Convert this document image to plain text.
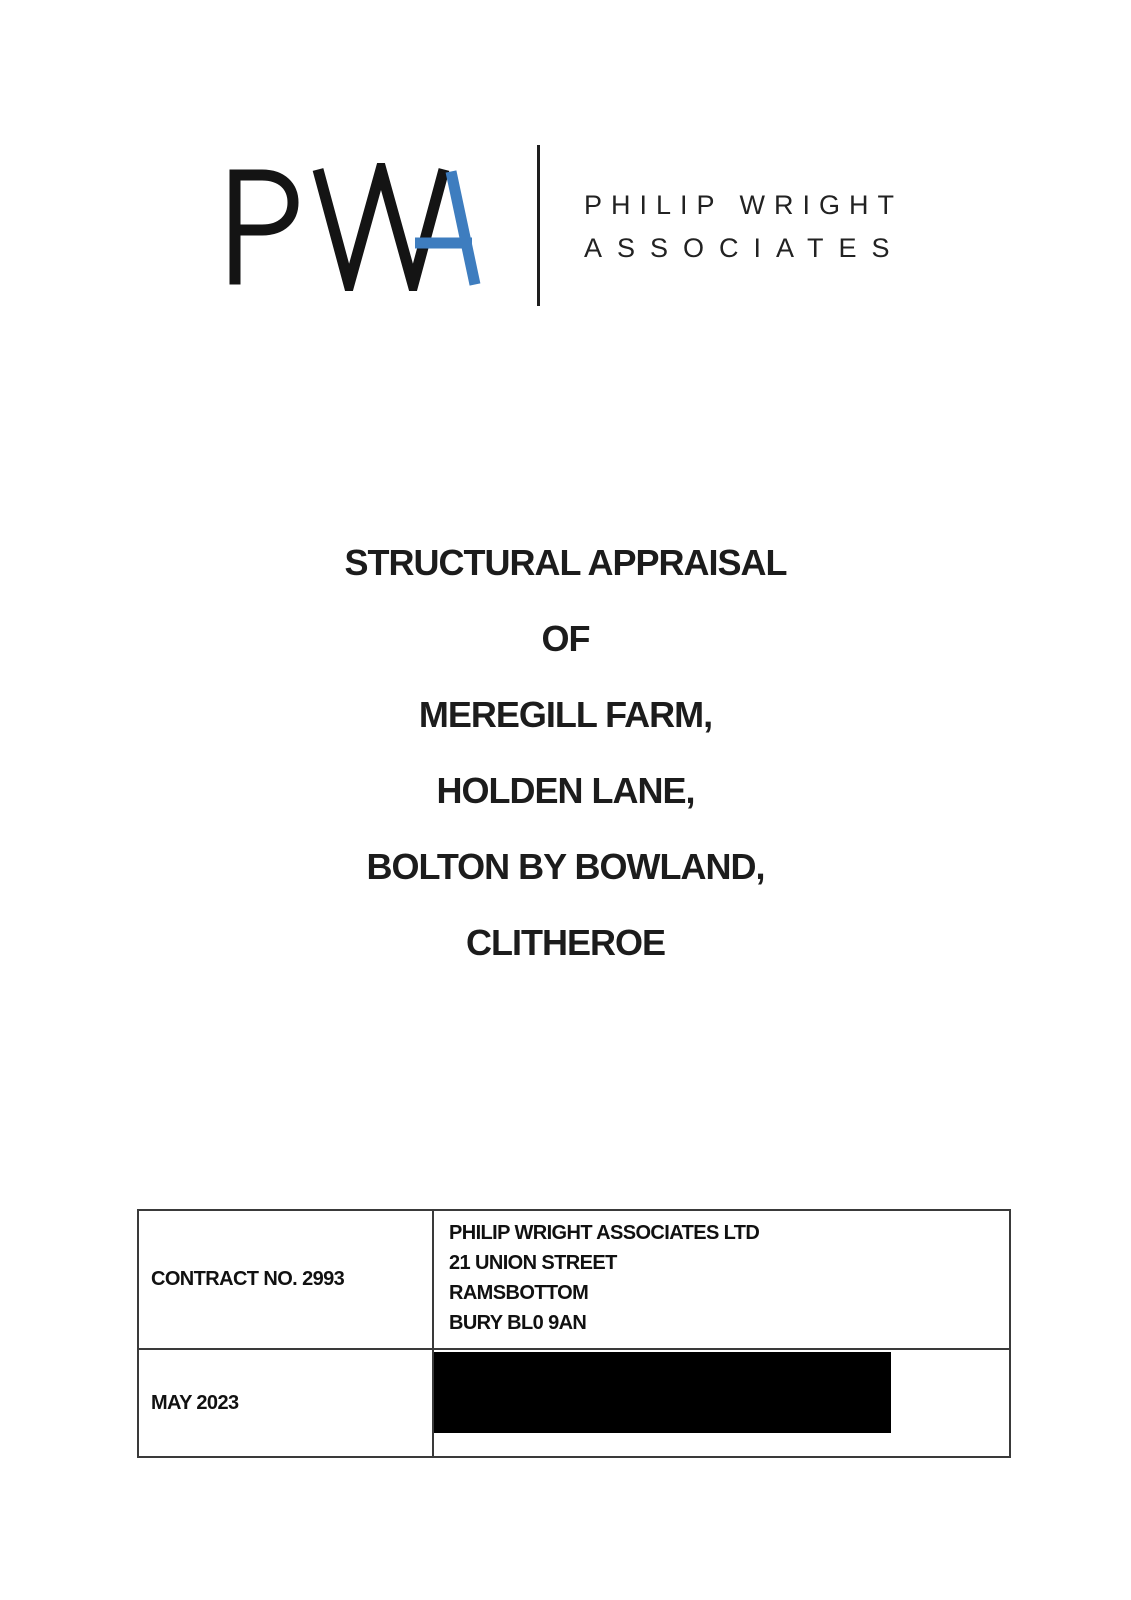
PHILIP WRIGHT
ASSOCIATES
STRUCTURAL APPRAISAL
OF
MEREGILL FARM,
HOLDEN LANE,
BOLTON BY BOWLAND,
CLITHEROE
CONTRACT NO. 2993
PHILIP WRIGHT ASSOCIATES LTD
21 UNION STREET
RAMSBOTTOM
BURY BL0 9AN
MAY 2023
